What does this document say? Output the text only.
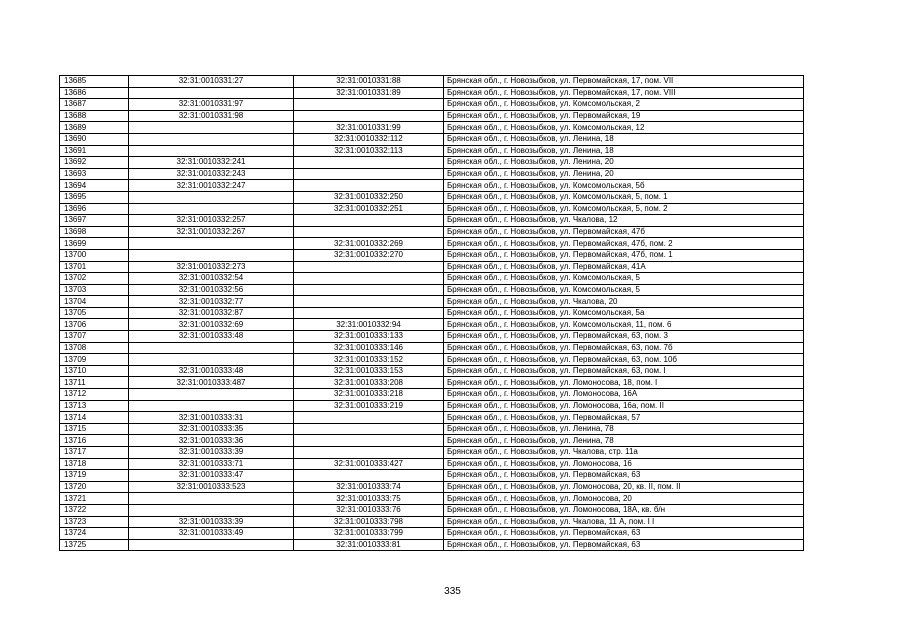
13685	32:31:0010331:27	32:31:0010331:88	Брянская обл., г. Новозыбков, ул. Первомайская, 17, пом. VII
13686		32:31:0010331:89	Брянская обл., г. Новозыбков, ул. Первомайская, 17, пом. VIII
13687	32:31:0010331:97		Брянская обл., г. Новозыбков, ул. Комсомольская, 2
13688	32:31:0010331:98		Брянская обл., г. Новозыбков, ул. Первомайская, 19
13689		32:31:0010331:99	Брянская обл., г. Новозыбков, ул. Комсомольская, 12
13690		32:31:0010332:112	Брянская обл., г. Новозыбков, ул. Ленина, 18
13691		32:31:0010332:113	Брянская обл., г. Новозыбков, ул. Ленина, 18
13692	32:31:0010332:241		Брянская обл., г. Новозыбков, ул. Ленина, 20
13693	32:31:0010332:243		Брянская обл., г. Новозыбков, ул. Ленина, 20
13694	32:31:0010332:247		Брянская обл., г. Новозыбков, ул. Комсомольская, 5б
13695		32:31:0010332:250	Брянская обл., г. Новозыбков, ул. Комсомольская, 5, пом. 1
13696		32:31:0010332:251	Брянская обл., г. Новозыбков, ул. Комсомольская, 5, пом. 2
13697	32:31:0010332:257		Брянская обл., г. Новозыбков, ул. Чкалова, 12
13698	32:31:0010332:267		Брянская обл., г. Новозыбков, ул. Первомайская, 47б
13699		32:31:0010332:269	Брянская обл., г. Новозыбков, ул. Первомайская, 47б, пом. 2
13700		32:31:0010332:270	Брянская обл., г. Новозыбков, ул. Первомайская, 47б, пом. 1
13701	32:31:0010332:273		Брянская обл., г. Новозыбков, ул. Первомайская, 41А
13702	32:31:0010332:54		Брянская обл., г. Новозыбков, ул. Комсомольская, 5
13703	32:31:0010332:56		Брянская обл., г. Новозыбков, ул. Комсомольская, 5
13704	32:31:0010332:77		Брянская обл., г. Новозыбков, ул. Чкалова, 20
13705	32:31:0010332:87		Брянская обл., г. Новозыбков, ул. Комсомольская, 5а
13706	32:31:0010332:69	32:31:0010332:94	Брянская обл., г. Новозыбков, ул. Комсомольская, 11, пом. 6
13707	32:31:0010333:48	32:31:0010333:133	Брянская обл., г. Новозыбков, ул. Первомайская, 63, пом. 3
13708		32:31:0010333:146	Брянская обл., г. Новозыбков, ул. Первомайская, 63, пом. 7б
13709		32:31:0010333:152	Брянская обл., г. Новозыбков, ул. Первомайская, 63, пом. 10б
13710	32:31:0010333:48	32:31:0010333:153	Брянская обл., г. Новозыбков, ул. Первомайская, 63, пом. I
13711	32:31:0010333:487	32:31:0010333:208	Брянская обл., г. Новозыбков, ул. Ломоносова, 18, пом. I
13712		32:31:0010333:218	Брянская обл., г. Новозыбков, ул. Ломоносова, 16А
13713		32:31:0010333:219	Брянская обл., г. Новозыбков, ул. Ломоносова, 16а, пом. II
13714	32:31:0010333:31		Брянская обл., г. Новозыбков, ул. Первомайская, 57
13715	32:31:0010333:35		Брянская обл., г. Новозыбков, ул. Ленина, 78
13716	32:31:0010333:36		Брянская обл., г. Новозыбков, ул. Ленина, 78
13717	32:31:0010333:39		Брянская обл., г. Новозыбков, ул. Чкалова, стр. 11а
13718	32:31:0010333:71	32:31:0010333:427	Брянская обл., г. Новозыбков, ул. Ломоносова, 16
13719	32:31:0010333:47		Брянская обл., г. Новозыбков, ул. Первомайская, 63
13720	32:31:0010333:523	32:31:0010333:74	Брянская обл., г. Новозыбков, ул. Ломоносова, 20, кв. II, пом. II
13721		32:31:0010333:75	Брянская обл., г. Новозыбков, ул. Ломоносова, 20
13722		32:31:0010333:76	Брянская обл., г. Новозыбков, ул. Ломоносова, 18А, кв. б/н
13723	32:31:0010333:39	32:31:0010333:798	Брянская обл., г. Новозыбков, ул. Чкалова, 11 А, пом. I I
13724	32:31:0010333:49	32:31:0010333:799	Брянская обл., г. Новозыбков, ул. Первомайская, 63
13725		32:31:0010333:81	Брянская обл., г. Новозыбков, ул. Первомайская, 63
335
